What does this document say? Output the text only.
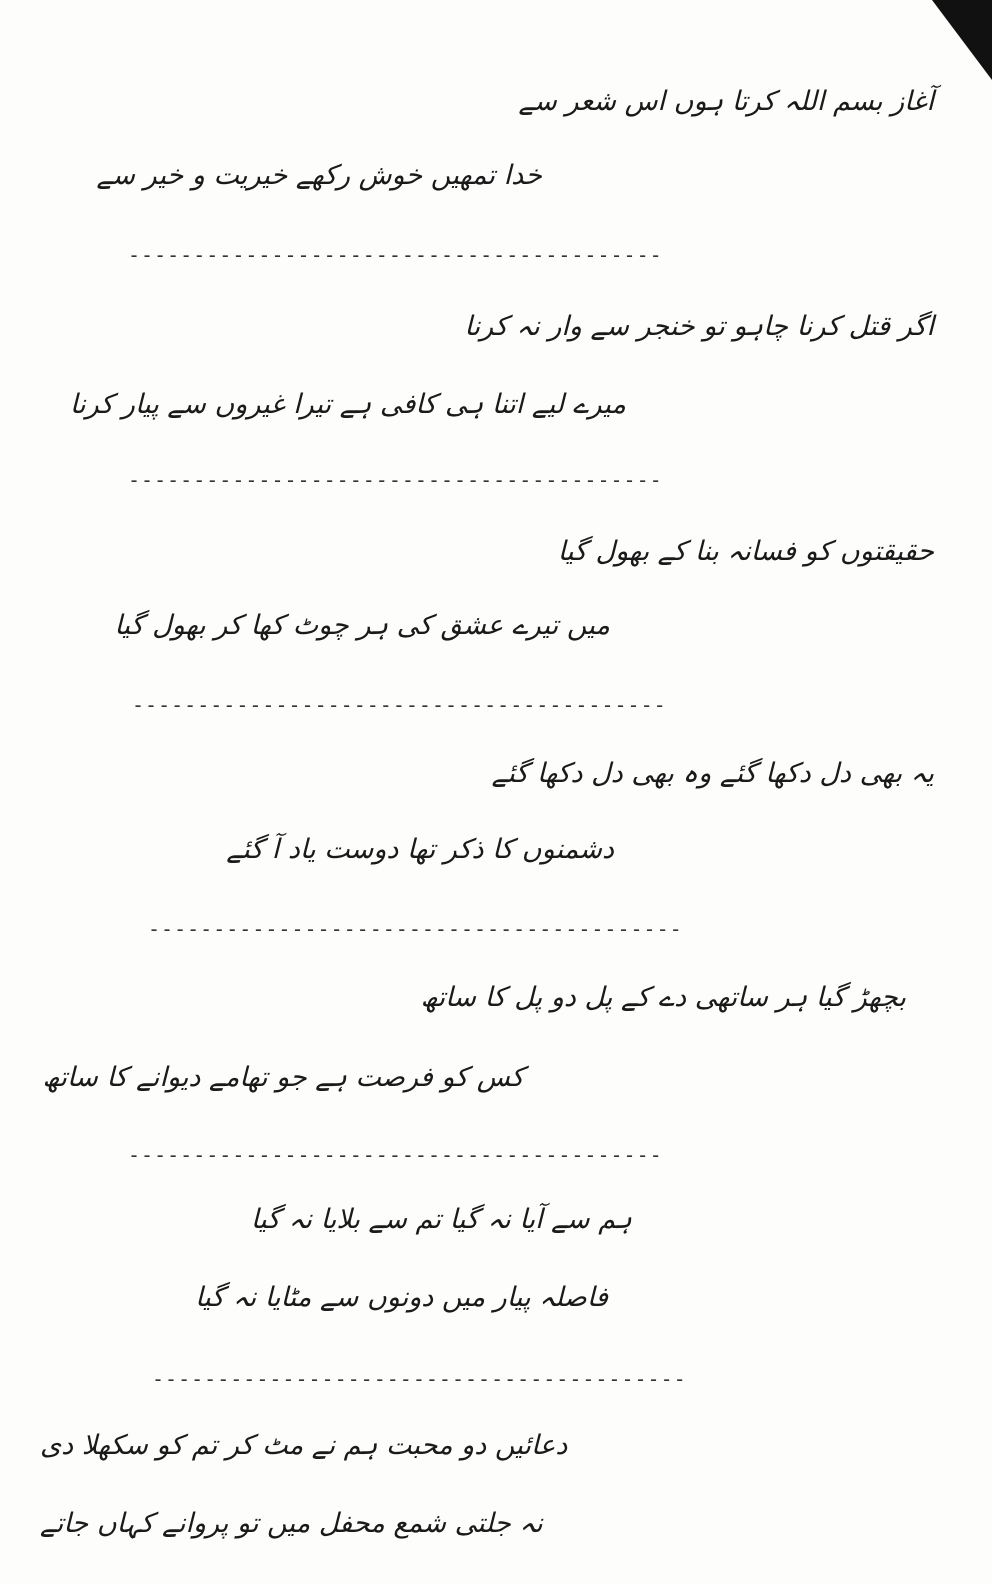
آغاز بسم اللہ کرتا ہوں اس شعر سے
خدا تمھیں خوش رکھے خیریت و خیر سے
-----------------------------------------
اگر قتل کرنا چاہو تو خنجر سے وار نہ کرنا
میرے لیے اتنا ہی کافی ہے تیرا غیروں سے پیار کرنا
-----------------------------------------
حقیقتوں کو فسانہ بنا کے بھول گیا
میں تیرے عشق کی ہر چوٹ کھا کر بھول گیا
-----------------------------------------
یہ بھی دل دکھا گئے وہ بھی دل دکھا گئے
دشمنوں کا ذکر تھا دوست یاد آ گئے
-----------------------------------------
بچھڑ گیا ہر ساتھی دے کے پل دو پل کا ساتھ
کس کو فرصت ہے جو تھامے دیوانے کا ساتھ
-----------------------------------------
ہم سے آیا نہ گیا تم سے بلایا نہ گیا
فاصلہ پیار میں دونوں سے مٹایا نہ گیا
-----------------------------------------
دعائیں دو محبت ہم نے مٹ کر تم کو سکھلا دی
نہ جلتی شمع محفل میں تو پروانے کہاں جاتے
